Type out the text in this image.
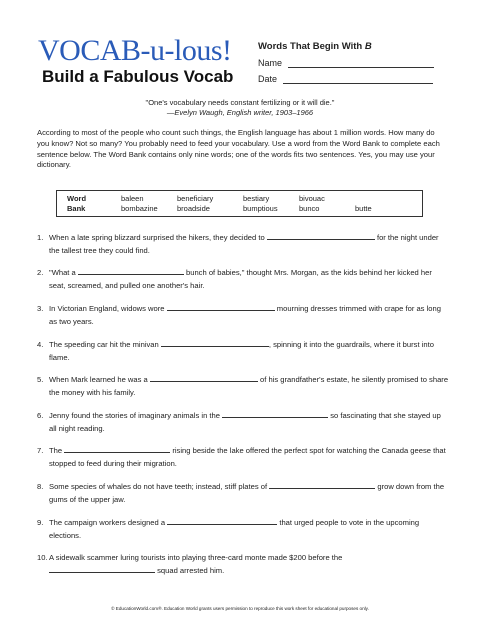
VOCAB-u-lous!
Build a Fabulous Vocab
Words That Begin With B
Name
Date
"One's vocabulary needs constant fertilizing or it will die."
—Evelyn Waugh, English writer, 1903–1966
According to most of the people who count such things, the English language has about 1 million words. How many do you know? Not so many? You probably need to feed your vocabulary. Use a word from the Word Bank to complete each sentence below. The Word Bank contains only nine words; one of the words fits two sentences. Yes, you may use your dictionary.
Word
Bank
baleen	beneficiary	bestiary	bivouac
bombazine	broadside	bumptious	bunco	butte
1. When a late spring blizzard surprised the hikers, they decided to	for the night under the tallest tree they could find.
2. "What a	bunch of babies," thought Mrs. Morgan, as the kids behind her kicked her seat, screamed, and pulled one another's hair.
3. In Victorian England, widows wore	mourning dresses trimmed with crape for as long as two years.
4. The speeding car hit the minivan	, spinning it into the guardrails, where it burst into flame.
5. When Mark learned he was a	of his grandfather's estate, he silently promised to share the money with his family.
6. Jenny found the stories of imaginary animals in the	so fascinating that she stayed up all night reading.
7. The	rising beside the lake offered the perfect spot for watching the Canada geese that stopped to feed during their migration.
8. Some species of whales do not have teeth; instead, stiff plates of	grow down from the gums of the upper jaw.
9. The campaign workers designed a	that urged people to vote in the upcoming elections.
10. A sidewalk scammer luring tourists into playing three-card monte made $200 before the  squad arrested him.
© EducationWorld.com®. Education World grants users permission to reproduce this work sheet for educational purposes only.
